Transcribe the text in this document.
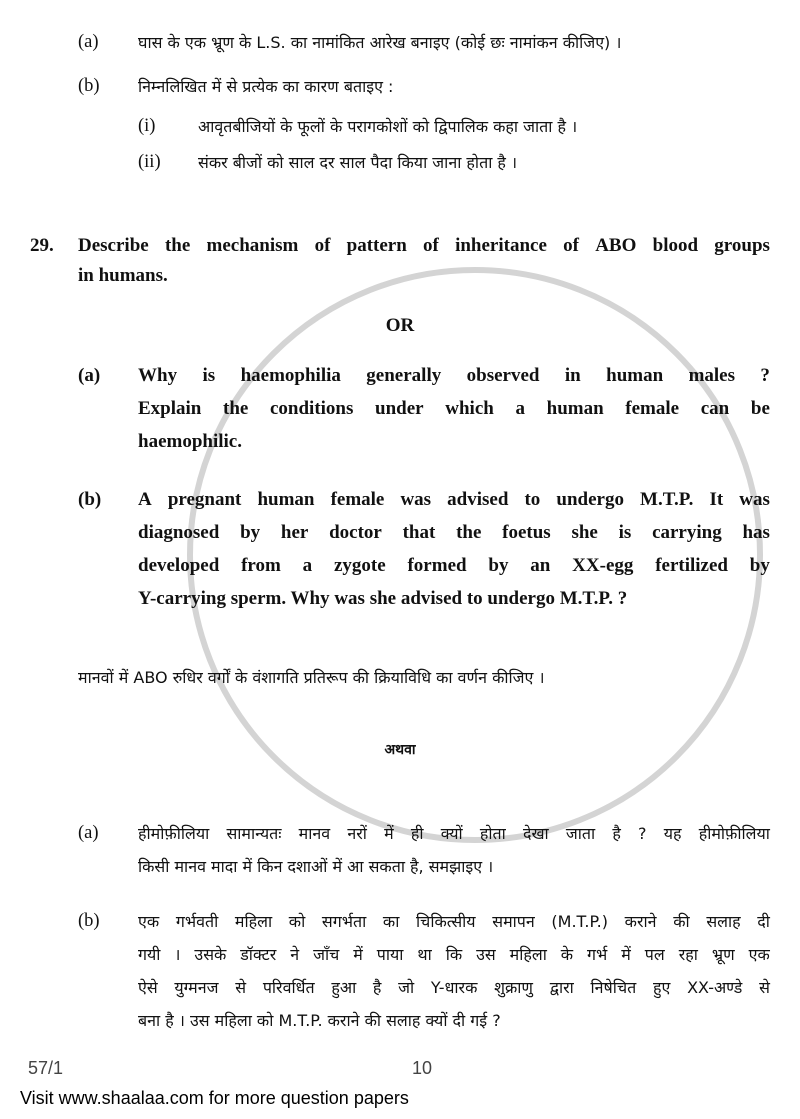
(a)	घास के एक भ्रूण के L.S. का नामांकित आरेख बनाइए (कोई छः नामांकन कीजिए) ।
(b)	निम्नलिखित में से प्रत्येक का कारण बताइए :
(i)	आवृतबीजियों के फूलों के परागकोशों को द्विपालिक कहा जाता है ।
(ii)	संकर बीजों को साल दर साल पैदा किया जाना होता है ।
29.	Describe the mechanism of pattern of inheritance of ABO blood groups
in humans.
OR
(a)	Why is haemophilia generally observed in human males ?
Explain the conditions under which a human female can be
haemophilic.
(b)	A pregnant human female was advised to undergo M.T.P. It was
diagnosed by her doctor that the foetus she is carrying has
developed from a zygote formed by an XX-egg fertilized by
Y-carrying sperm. Why was she advised to undergo M.T.P. ?
मानवों में ABO रुधिर वर्गों के वंशागति प्रतिरूप की क्रियाविधि का वर्णन कीजिए ।
अथवा
(a)	हीमोफ़ीलिया सामान्यतः मानव नरों में ही क्यों होता देखा जाता है ? यह हीमोफ़ीलिया
किसी मानव मादा में किन दशाओं में आ सकता है, समझाइए ।
(b)	एक गर्भवती महिला को सगर्भता का चिकित्सीय समापन (M.T.P.) कराने की सलाह दी
गयी । उसके डॉक्टर ने जाँच में पाया था कि उस महिला के गर्भ में पल रहा भ्रूण एक
ऐसे युग्मनज से परिवर्धित हुआ है जो Y-धारक शुक्राणु द्वारा निषेचित हुए XX-अण्डे से
बना है । उस महिला को M.T.P. कराने की सलाह क्यों दी गई ?
57/1	10
Visit www.shaalaa.com for more question papers
